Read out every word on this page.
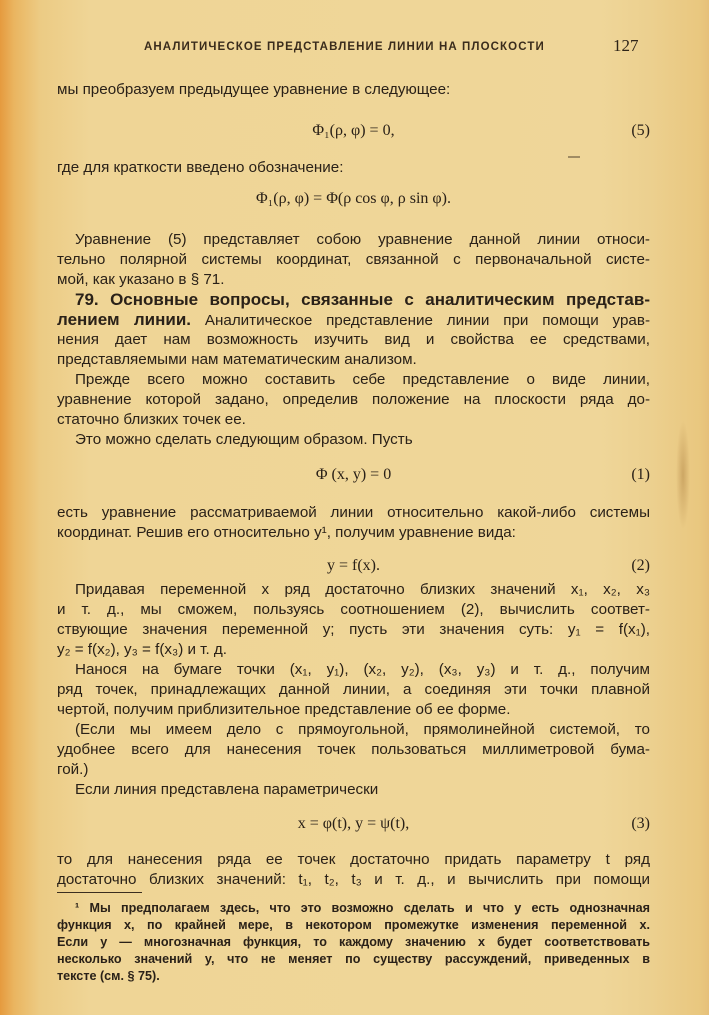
АНАЛИТИЧЕСКОЕ ПРЕДСТАВЛЕНИЕ ЛИНИИ НА ПЛОСКОСТИ	127
мы преобразуем предыдущее уравнение в следующее:
Φ₁(ρ, φ) = 0,	(5)
где для краткости введено обозначение:
Φ₁(ρ, φ) = Φ(ρ cos φ, ρ sin φ).
Уравнение (5) представляет собою уравнение данной линии относи-
тельно полярной системы координат, связанной с первоначальной систе-
мой, как указано в § 71.
79. Основные вопросы, связанные с аналитическим представ-
лением линии. Аналитическое представление линии при помощи урав-
нения дает нам возможность изучить вид и свойства ее средствами,
представляемыми нам математическим анализом.
Прежде всего можно составить себе представление о виде линии,
уравнение которой задано, определив положение на плоскости ряда до-
статочно близких точек ее.
Это можно сделать следующим образом. Пусть
Φ (x, y) = 0	(1)
есть уравнение рассматриваемой линии относительно какой-либо системы
координат. Решив его относительно y¹, получим уравнение вида:
y = f(x).	(2)
Придавая переменной x ряд достаточно близких значений x₁, x₂, x₃
и т. д., мы сможем, пользуясь соотношением (2), вычислить соответ-
ствующие значения переменной y; пусть эти значения суть: y₁ = f(x₁),
y₂ = f(x₂), y₃ = f(x₃) и т. д.
Нанося на бумаге точки (x₁, y₁), (x₂, y₂), (x₃, y₃) и т. д., получим
ряд точек, принадлежащих данной линии, а соединяя эти точки плавной
чертой, получим приблизительное представление об ее форме.
(Если мы имеем дело с прямоугольной, прямолинейной системой, то
удобнее всего для нанесения точек пользоваться миллиметровой бума-
гой.)
Если линия представлена параметрически
x = φ(t), y = ψ(t),	(3)
то для нанесения ряда ее точек достаточно придать параметру t ряд
достаточно близких значений: t₁, t₂, t₃ и т. д., и вычислить при помощи
¹ Мы предполагаем здесь, что это возможно сделать и что y есть однозначная
функция x, по крайней мере, в некотором промежутке изменения переменной x.
Если y — многозначная функция, то каждому значению x будет соответствовать
несколько значений y, что не меняет по существу рассуждений, приведенных в
тексте (см. § 75).
